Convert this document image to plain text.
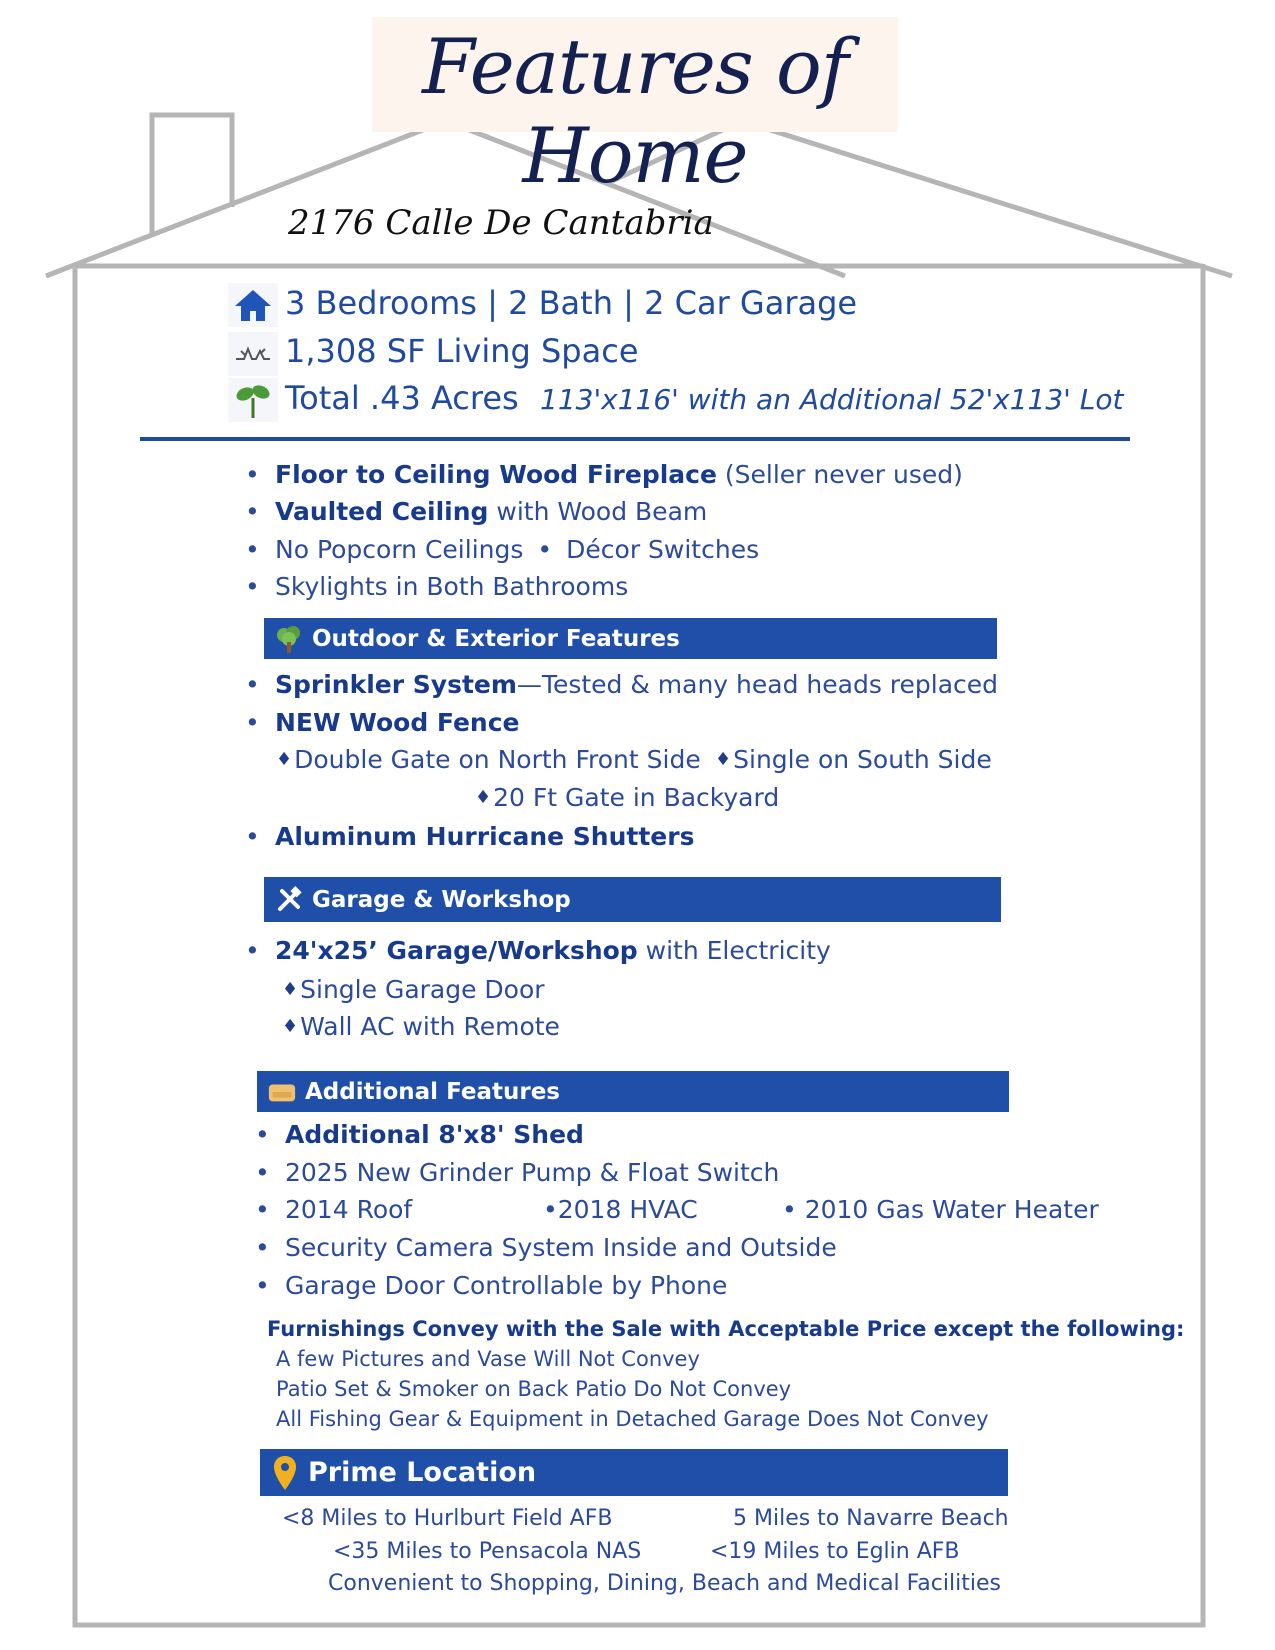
Features of Home
2176 Calle De Cantabria
3 Bedrooms | 2 Bath | 2 Car Garage
1,308 SF Living Space
Total .43 Acres 113'x116' with an Additional 52'x113' Lot
• Floor to Ceiling Wood Fireplace (Seller never used)
• Vaulted Ceiling with Wood Beam
• No Popcorn Ceilings • Décor Switches
• Skylights in Both Bathrooms
Outdoor & Exterior Features
• Sprinkler System—Tested & many head heads replaced
• NEW Wood Fence
♦Double Gate on North Front Side ♦Single on South Side
♦20 Ft Gate in Backyard
• Aluminum Hurricane Shutters
Garage & Workshop
• 24'x25’ Garage/Workshop with Electricity
♦Single Garage Door
♦Wall AC with Remote
Additional Features
• Additional 8'x8' Shed
• 2025 New Grinder Pump & Float Switch
• 2014 Roof	•2018 HVAC	• 2010 Gas Water Heater
• Security Camera System Inside and Outside
• Garage Door Controllable by Phone
Furnishings Convey with the Sale with Acceptable Price except the following:
A few Pictures and Vase Will Not Convey
Patio Set & Smoker on Back Patio Do Not Convey
All Fishing Gear & Equipment in Detached Garage Does Not Convey
Prime Location
<8 Miles to Hurlburt Field AFB	5 Miles to Navarre Beach
<35 Miles to Pensacola NAS	<19 Miles to Eglin AFB
Convenient to Shopping, Dining, Beach and Medical Facilities
